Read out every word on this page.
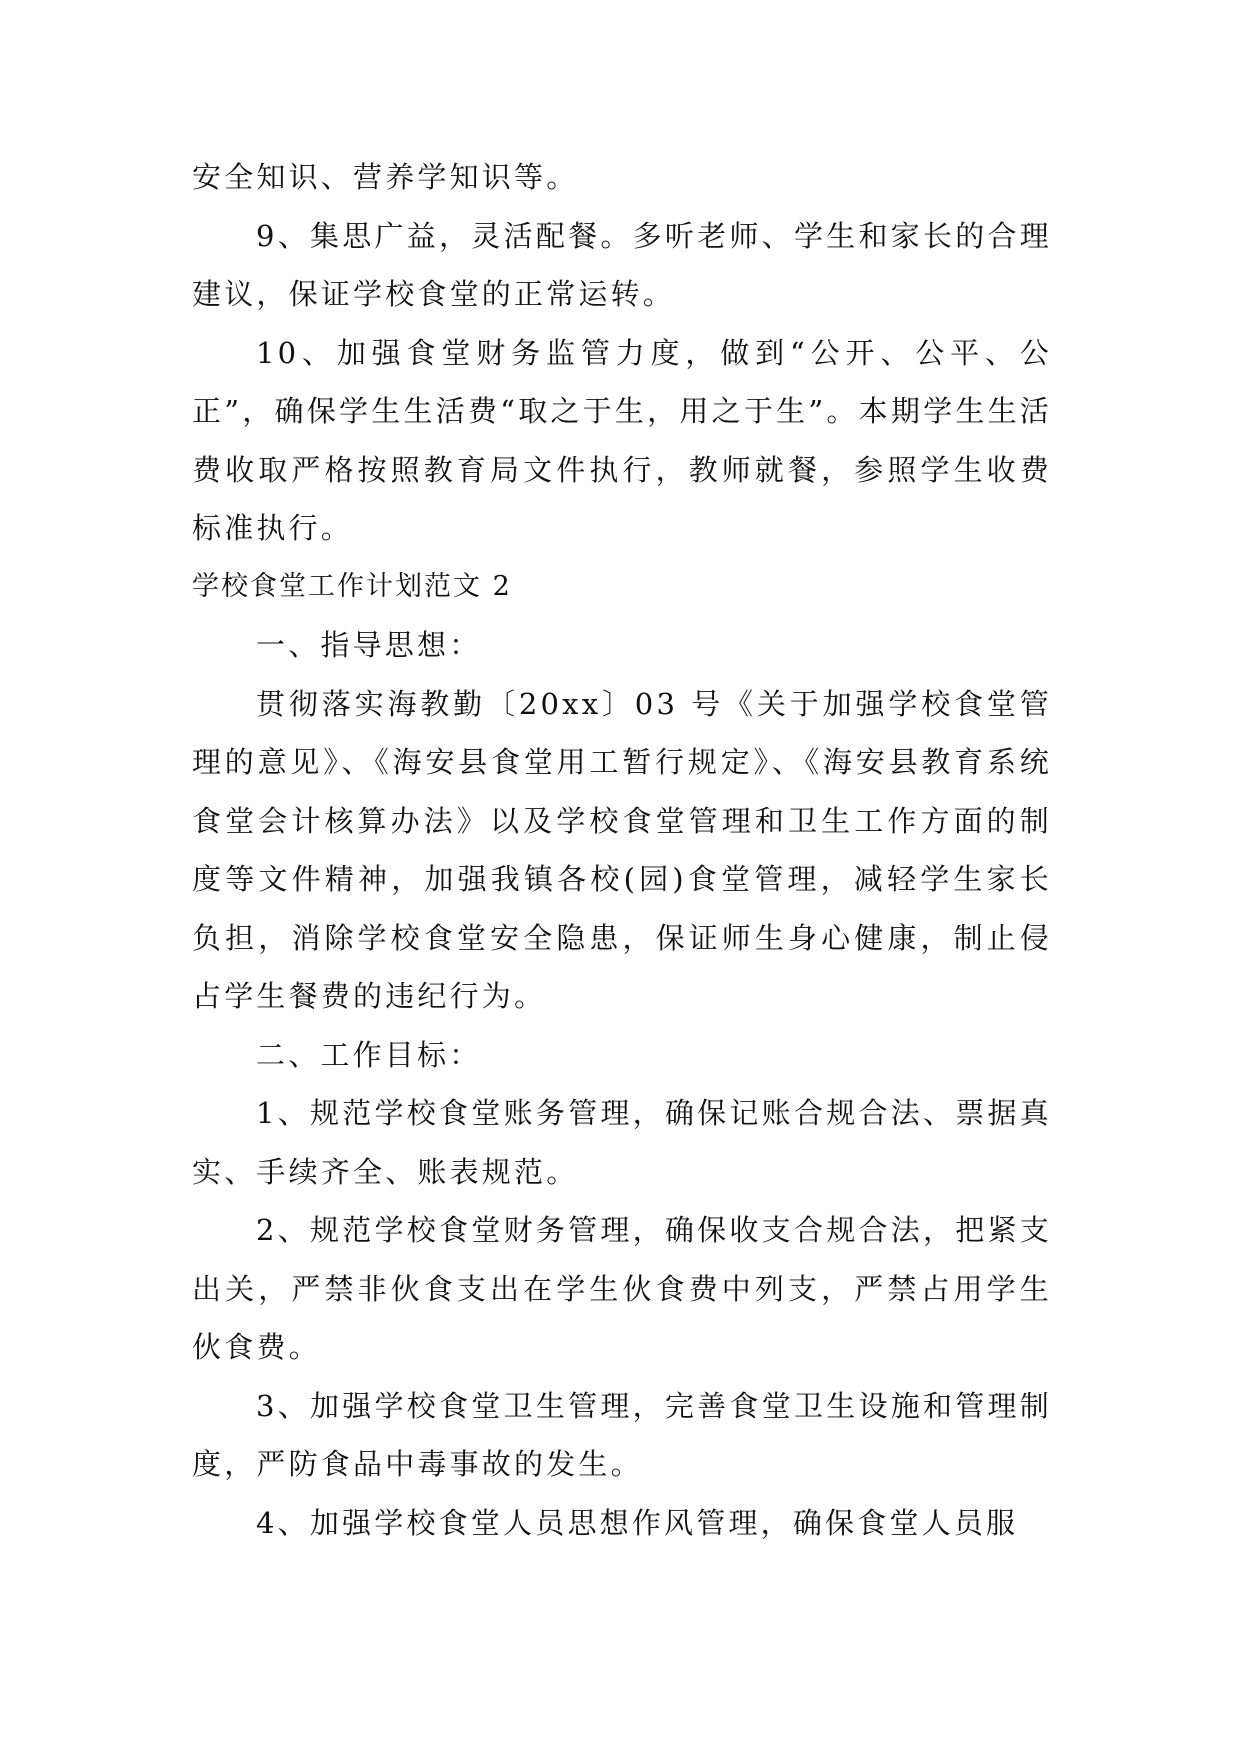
安全知识、营养学知识等。

9、集思广益，灵活配餐。多听老师、学生和家长的合理建议，保证学校食堂的正常运转。

10、加强食堂财务监管力度，做到“公开、公平、公正”，确保学生生活费“取之于生，用之于生”。本期学生生活费收取严格按照教育局文件执行，教师就餐，参照学生收费标准执行。

学校食堂工作计划范文 2

一、指导思想：

贯彻落实海教勤〔20xx〕03 号《关于加强学校食堂管理的意见》、《海安县食堂用工暂行规定》、《海安县教育系统食堂会计核算办法》以及学校食堂管理和卫生工作方面的制度等文件精神，加强我镇各校(园)食堂管理，减轻学生家长负担，消除学校食堂安全隐患，保证师生身心健康，制止侵占学生餐费的违纪行为。

二、工作目标：

1、规范学校食堂账务管理，确保记账合规合法、票据真实、手续齐全、账表规范。

2、规范学校食堂财务管理，确保收支合规合法，把紧支出关，严禁非伙食支出在学生伙食费中列支，严禁占用学生伙食费。

3、加强学校食堂卫生管理，完善食堂卫生设施和管理制度，严防食品中毒事故的发生。

4、加强学校食堂人员思想作风管理，确保食堂人员服
